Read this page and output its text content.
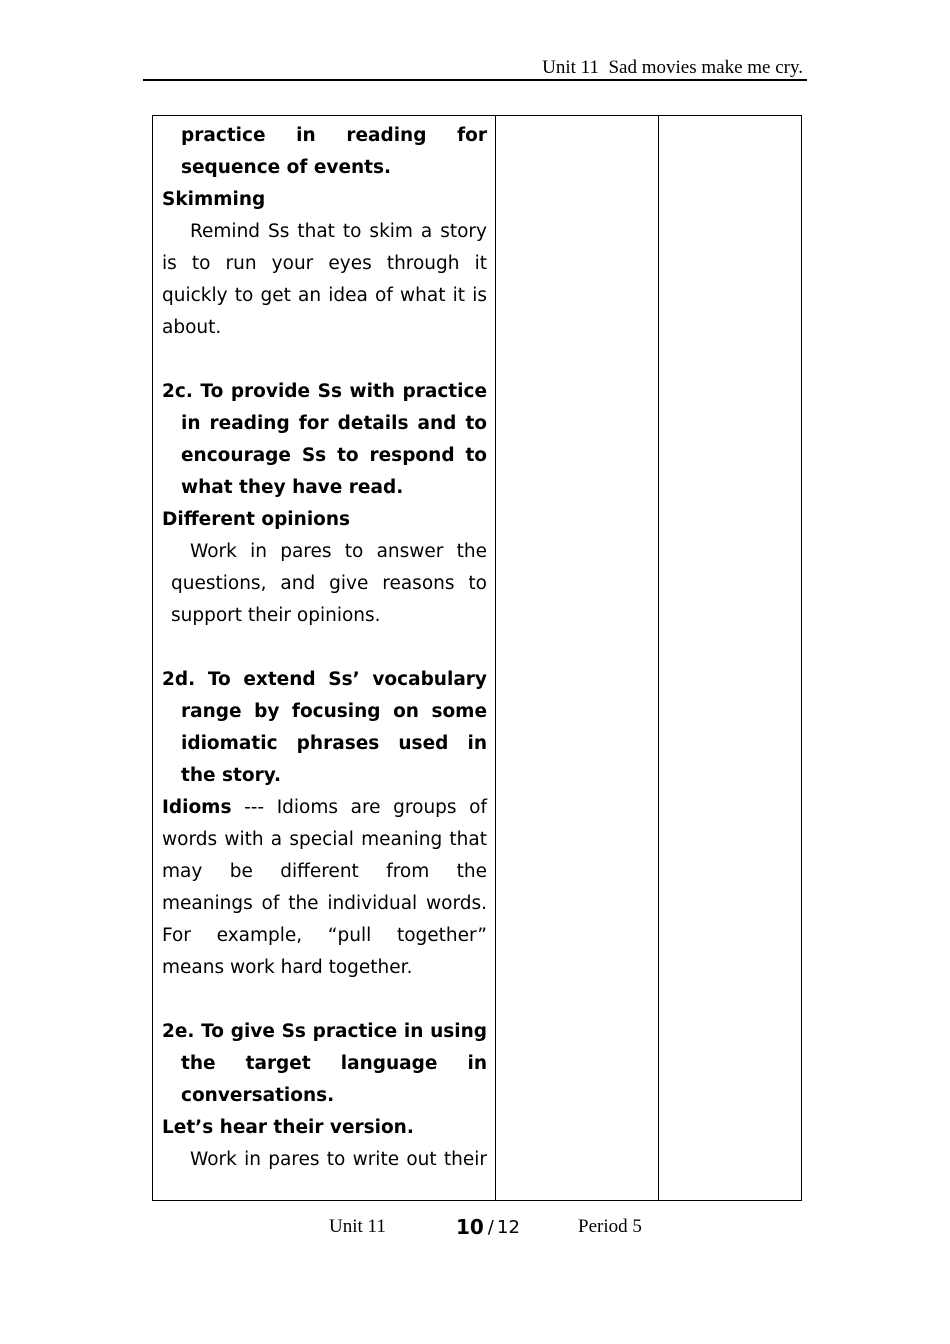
Unit 11  Sad movies make me cry.

practice in reading for sequence of events.

Skimming

Remind Ss that to skim a story is to run your eyes through it quickly to get an idea of what it is about.

2c. To provide Ss with practice in reading for details and to encourage Ss to respond to what they have read.

Different opinions

Work in pares to answer the questions, and give reasons to support their opinions.

2d. To extend Ss’ vocabulary range by focusing on some idiomatic phrases used in the story.

Idioms --- Idioms are groups of words with a special meaning that may be different from the meanings of the individual words. For example, “pull together” means work hard together.

2e. To give Ss practice in using the target language in conversations.

Let’s hear their version.

Work in pares to write out their

Unit 11	10
/
12	Period 5
